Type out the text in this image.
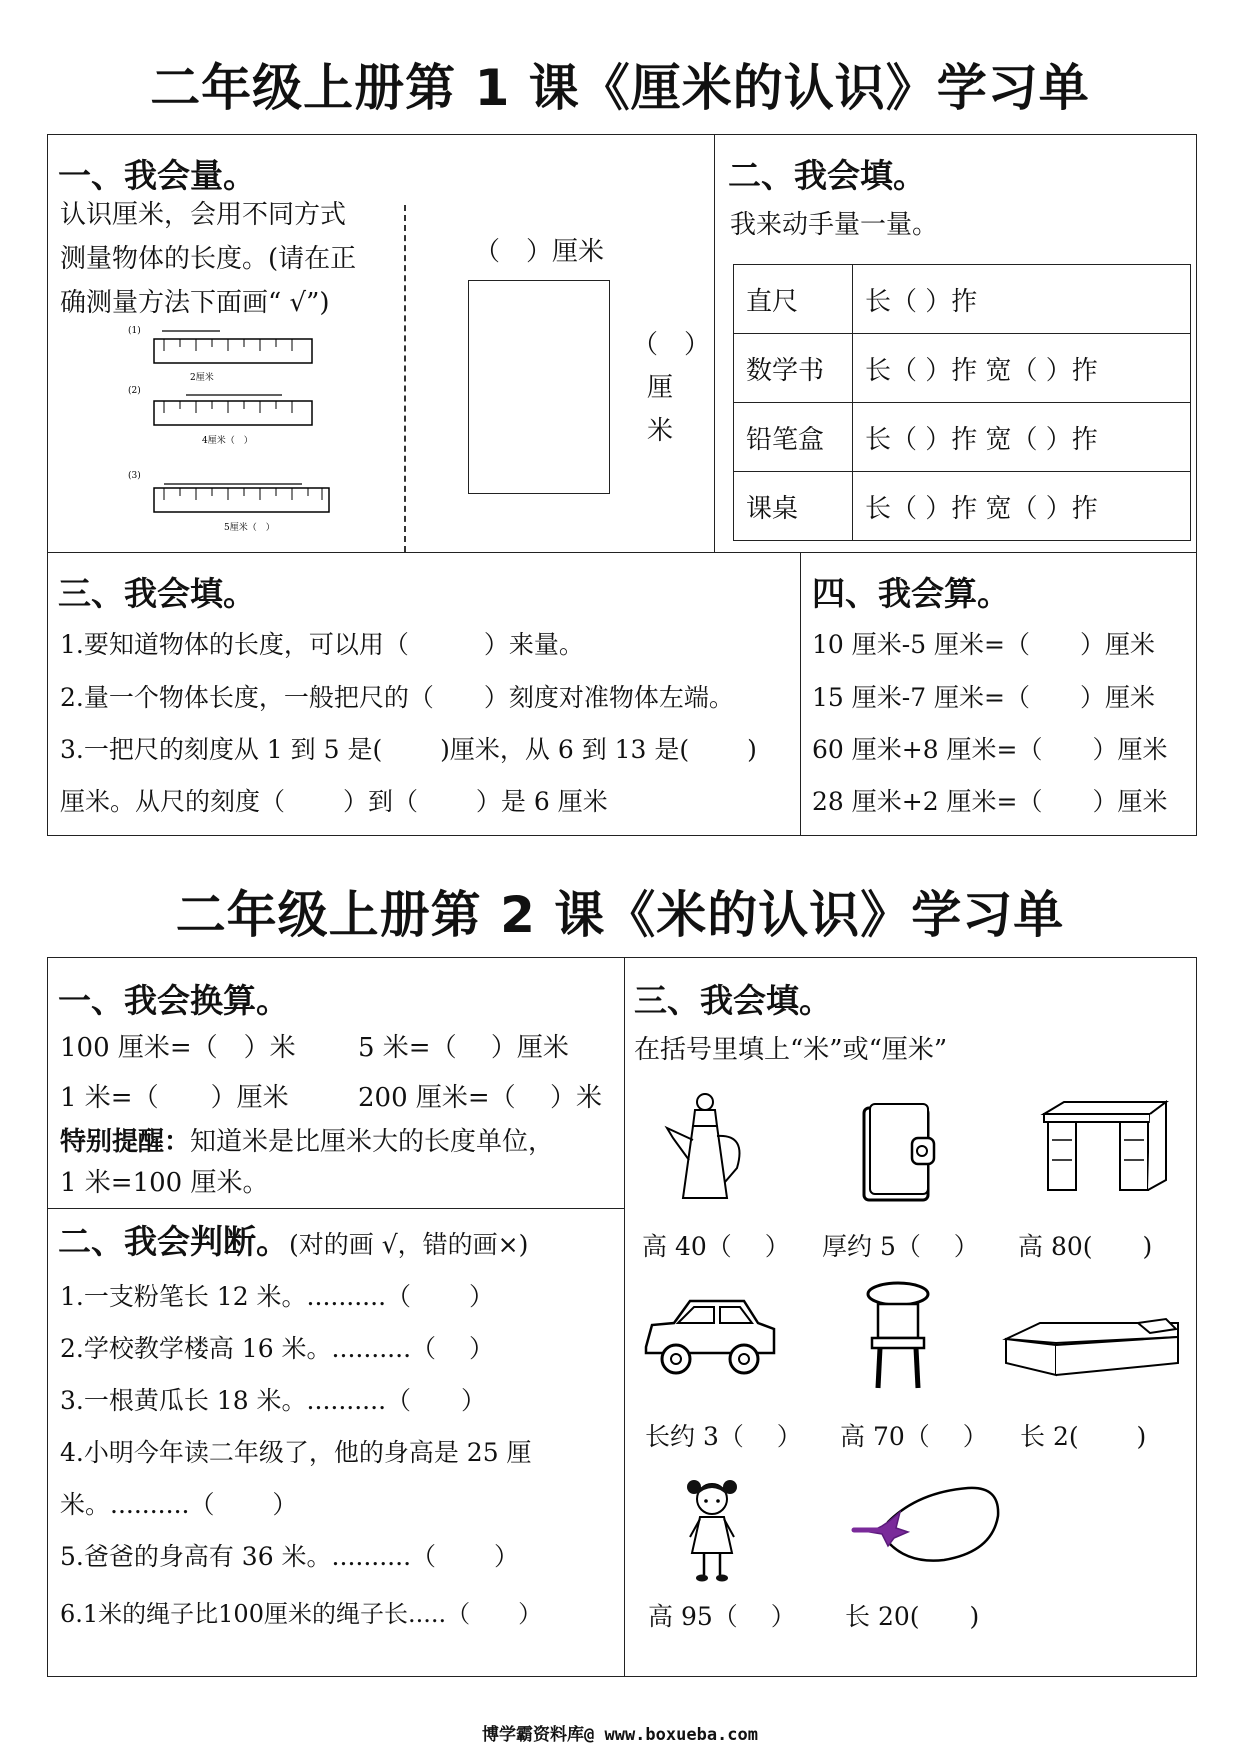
二年级上册第 1 课《厘米的认识》学习单
一、我会量。
认识厘米，会用不同方式
测量物体的长度。(请在正
确测量方法下面画“ √”)
(1)
2厘米
(2)
4厘米（　）
(3)
5厘米（　）
（　）厘米
（　）
厘
米
二、我会填。
我来动手量一量。
直尺	长（ ）拃
数学书	长（ ）拃 宽（ ）拃
铅笔盒	长（ ）拃 宽（ ）拃
课桌	长（ ）拃 宽（ ）拃
三、我会填。
1.要知道物体的长度，可以用（　　　）来量。
2.量一个物体长度，一般把尺的（　　）刻度对准物体左端。
3.一把尺的刻度从 1 到 5 是(　　 )厘米，从 6 到 13 是(　　 )
厘米。从尺的刻度（　　 ）到（　　 ）是 6 厘米
四、我会算。
10 厘米-5 厘米=（　　）厘米
15 厘米-7 厘米=（　　）厘米
60 厘米+8 厘米=（　　）厘米
28 厘米+2 厘米=（　　）厘米
二年级上册第 2 课《米的认识》学习单
一、我会换算。
100 厘米=（　）米 5 米=（　 ）厘米
1 米=（　　）厘米	200 厘米=（　 ）米
特别提醒：知道米是比厘米大的长度单位，
1 米=100 厘米。
二、我会判断。(对的画 √，错的画×)
1.一支粉笔长 12 米。..........（　　 ）
2.学校教学楼高 16 米。..........（　 ）
3.一根黄瓜长 18 米。..........（　　）
4.小明今年读二年级了，他的身高是 25 厘
米。..........（　　 ）
5.爸爸的身高有 36 米。..........（　　 ）
6.1米的绳子比100厘米的绳子长.....（　　）
三、我会填。
在括号里填上“米”或“厘米”
高 40（　 ） 厚约 5（　 ） 高 80(　　)
长约 3（　 ） 高 70（　 ） 长 2(　　 )
高 95（　 ） 长 20(　　)
博学霸资料库@ www.boxueba.com
